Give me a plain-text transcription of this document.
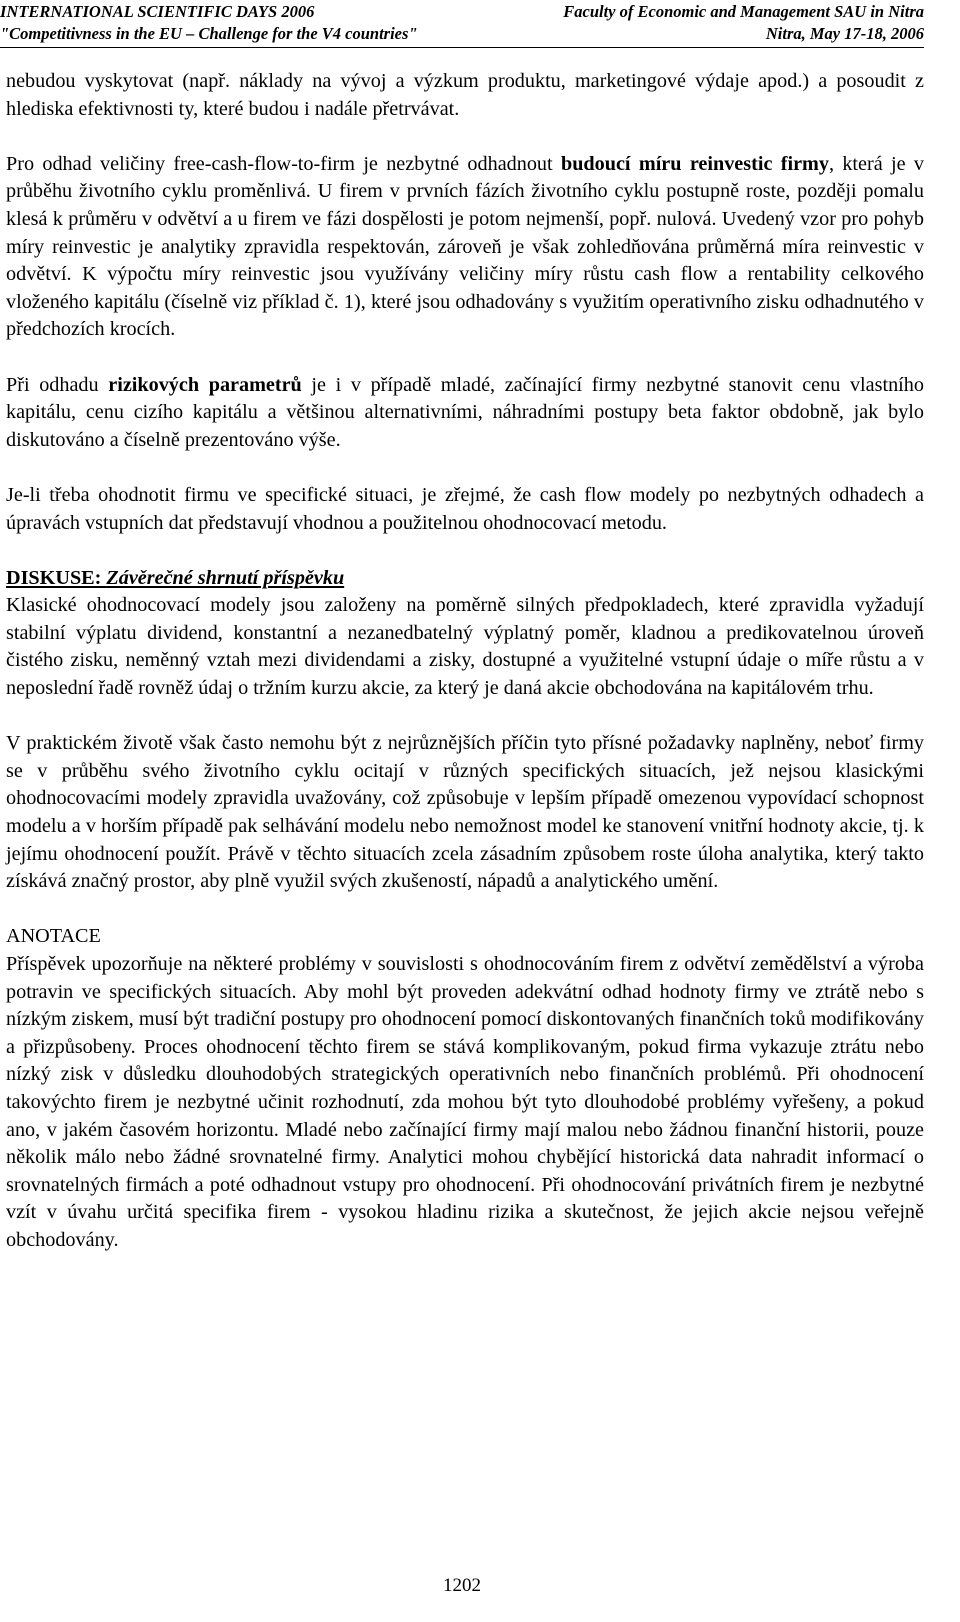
INTERNATIONAL SCIENTIFIC DAYS 2006	Faculty of Economic and Management SAU in Nitra
"Competitivness in the EU – Challenge for the V4 countries"	Nitra, May 17-18, 2006

nebudou vyskytovat (např. náklady na vývoj a výzkum produktu, marketingové výdaje apod.) a posoudit z hlediska efektivnosti ty, které budou i nadále přetrvávat.

Pro odhad veličiny free-cash-flow-to-firm je nezbytné odhadnout budoucí míru reinvestic firmy, která je v průběhu životního cyklu proměnlivá. U firem v prvních fázích životního cyklu postupně roste, později pomalu klesá k průměru v odvětví a u firem ve fázi dospělosti je potom nejmenší, popř. nulová. Uvedený vzor pro pohyb míry reinvestic je analytiky zpravidla respektován, zároveň je však zohledňována průměrná míra reinvestic v odvětví. K výpočtu míry reinvestic jsou využívány veličiny míry růstu cash flow a rentability celkového vloženého kapitálu (číselně viz příklad č. 1), které jsou odhadovány s využitím operativního zisku odhadnutého v předchozích krocích.

Při odhadu rizikových parametrů je i v případě mladé, začínající firmy nezbytné stanovit cenu vlastního kapitálu, cenu cizího kapitálu a většinou alternativními, náhradními postupy beta faktor obdobně, jak bylo diskutováno a číselně prezentováno výše.

Je-li třeba ohodnotit firmu ve specifické situaci, je zřejmé, že cash flow modely po nezbytných odhadech a úpravách vstupních dat představují vhodnou a použitelnou ohodnocovací metodu.

DISKUSE: Závěrečné shrnutí příspěvku

Klasické ohodnocovací modely jsou založeny na poměrně silných předpokladech, které zpravidla vyžadují stabilní výplatu dividend, konstantní a nezanedbatelný výplatný poměr, kladnou a predikovatelnou úroveň čistého zisku, neměnný vztah mezi dividendami a zisky, dostupné a využitelné vstupní údaje o míře růstu a v neposlední řadě rovněž údaj o tržním kurzu akcie, za který je daná akcie obchodována na kapitálovém trhu.

V praktickém životě však často nemohu být z nejrůznějších příčin tyto přísné požadavky naplněny, neboť firmy se v průběhu svého životního cyklu ocitají v různých specifických situacích, jež nejsou klasickými ohodnocovacími modely zpravidla uvažovány, což způsobuje v lepším případě omezenou vypovídací schopnost modelu a v horším případě pak selhávání modelu nebo nemožnost model ke stanovení vnitřní hodnoty akcie, tj. k jejímu ohodnocení použít. Právě v těchto situacích zcela zásadním způsobem roste úloha analytika, který takto získává značný prostor, aby plně využil svých zkušeností, nápadů a analytického umění.

ANOTACE

Příspěvek upozorňuje na některé problémy v souvislosti s ohodnocováním firem z odvětví zemědělství a výroba potravin ve specifických situacích. Aby mohl být proveden adekvátní odhad hodnoty firmy ve ztrátě nebo s nízkým ziskem, musí být tradiční postupy pro ohodnocení pomocí diskontovaných finančních toků modifikovány a přizpůsobeny. Proces ohodnocení těchto firem se stává komplikovaným, pokud firma vykazuje ztrátu nebo nízký zisk v důsledku dlouhodobých strategických operativních nebo finančních problémů. Při ohodnocení takovýchto firem je nezbytné učinit rozhodnutí, zda mohou být tyto dlouhodobé problémy vyřešeny, a pokud ano, v jakém časovém horizontu. Mladé nebo začínající firmy mají malou nebo žádnou finanční historii, pouze několik málo nebo žádné srovnatelné firmy. Analytici mohou chybějící historická data nahradit informací o srovnatelných firmách a poté odhadnout vstupy pro ohodnocení. Při ohodnocování privátních firem je nezbytné vzít v úvahu určitá specifika firem - vysokou hladinu rizika a skutečnost, že jejich akcie nejsou veřejně obchodovány.

1202
